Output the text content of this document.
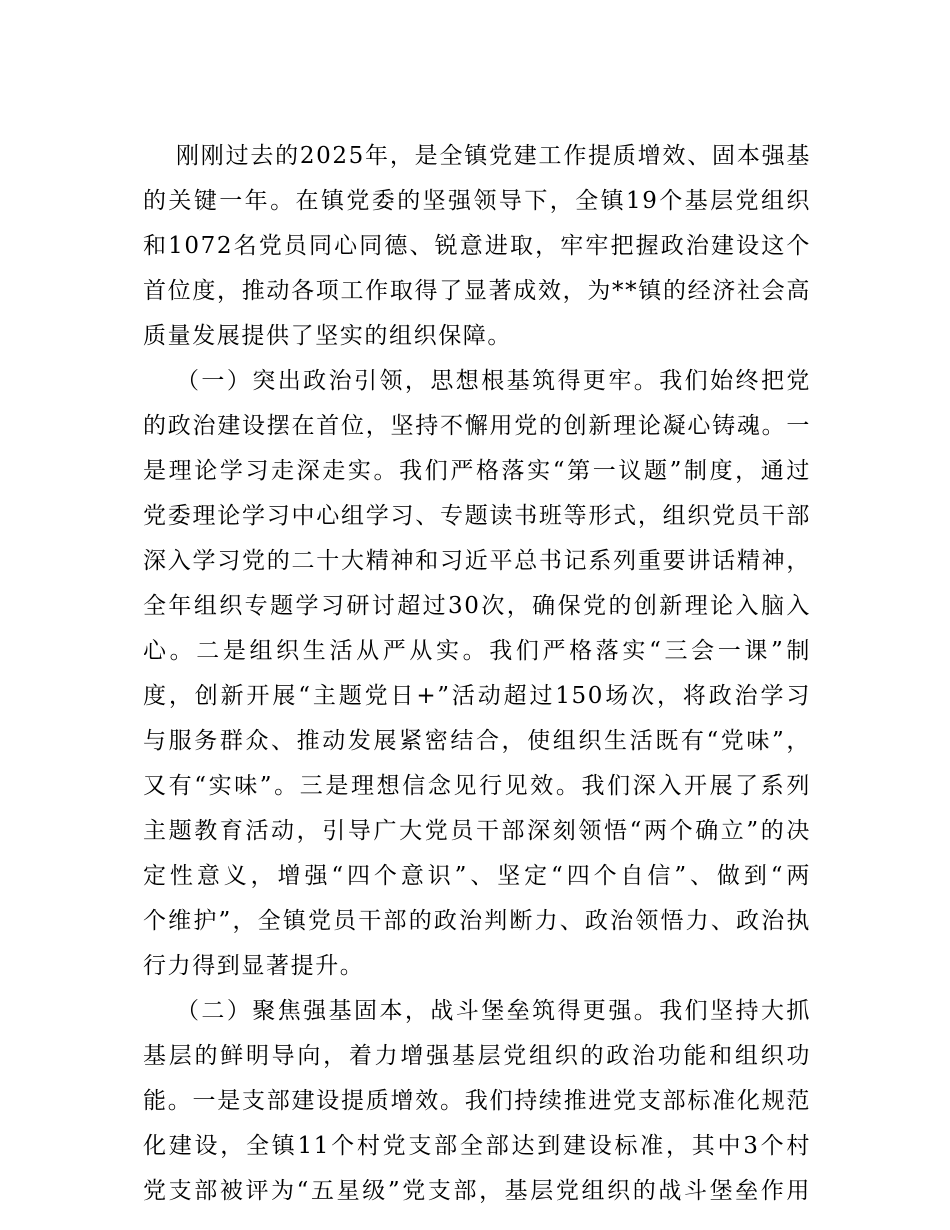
刚刚过去的2025年，是全镇党建工作提质增效、固本强基
的关键一年。在镇党委的坚强领导下，全镇19个基层党组织
和1072名党员同心同德、锐意进取，牢牢把握政治建设这个
首位度，推动各项工作取得了显著成效，为**镇的经济社会高
质量发展提供了坚实的组织保障。
（一）突出政治引领，思想根基筑得更牢。我们始终把党
的政治建设摆在首位，坚持不懈用党的创新理论凝心铸魂。一
是理论学习走深走实。我们严格落实“第一议题”制度，通过
党委理论学习中心组学习、专题读书班等形式，组织党员干部
深入学习党的二十大精神和习近平总书记系列重要讲话精神，
全年组织专题学习研讨超过30次，确保党的创新理论入脑入
心。二是组织生活从严从实。我们严格落实“三会一课”制
度，创新开展“主题党日+”活动超过150场次，将政治学习
与服务群众、推动发展紧密结合，使组织生活既有“党味”，
又有“实味”。三是理想信念见行见效。我们深入开展了系列
主题教育活动，引导广大党员干部深刻领悟“两个确立”的决
定性意义，增强“四个意识”、坚定“四个自信”、做到“两
个维护”，全镇党员干部的政治判断力、政治领悟力、政治执
行力得到显著提升。
（二）聚焦强基固本，战斗堡垒筑得更强。我们坚持大抓
基层的鲜明导向，着力增强基层党组织的政治功能和组织功
能。一是支部建设提质增效。我们持续推进党支部标准化规范
化建设，全镇11个村党支部全部达到建设标准，其中3个村
党支部被评为“五星级”党支部，基层党组织的战斗堡垒作用
